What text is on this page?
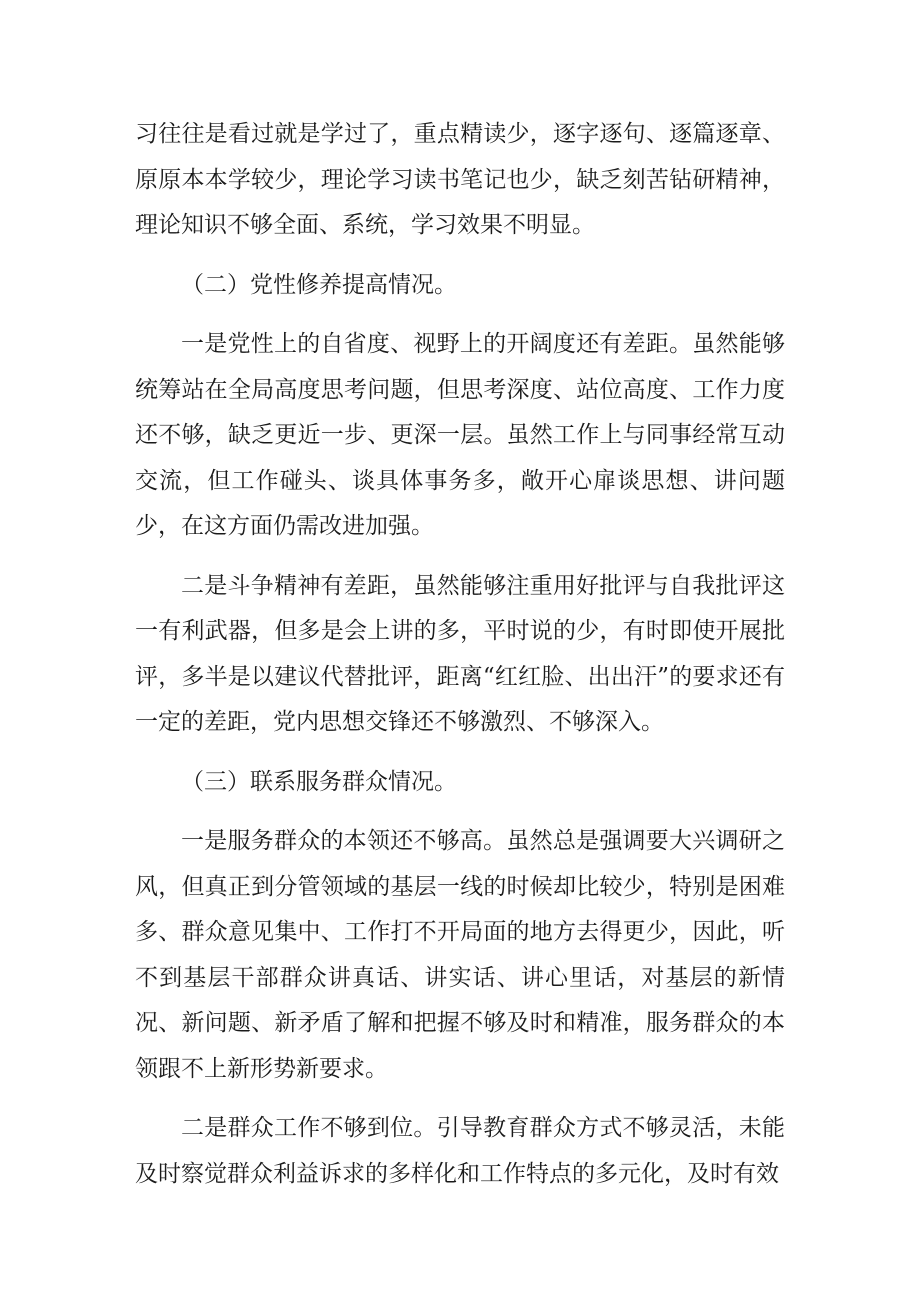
习往往是看过就是学过了，重点精读少，逐字逐句、逐篇逐章、原原本本学较少，理论学习读书笔记也少，缺乏刻苦钻研精神，理论知识不够全面、系统，学习效果不明显。

（二）党性修养提高情况。

一是党性上的自省度、视野上的开阔度还有差距。虽然能够统筹站在全局高度思考问题，但思考深度、站位高度、工作力度还不够，缺乏更近一步、更深一层。虽然工作上与同事经常互动交流，但工作碰头、谈具体事务多，敞开心扉谈思想、讲问题少，在这方面仍需改进加强。

二是斗争精神有差距，虽然能够注重用好批评与自我批评这一有利武器，但多是会上讲的多，平时说的少，有时即使开展批评，多半是以建议代替批评，距离“红红脸、出出汗”的要求还有一定的差距，党内思想交锋还不够激烈、不够深入。

（三）联系服务群众情况。

一是服务群众的本领还不够高。虽然总是强调要大兴调研之风，但真正到分管领域的基层一线的时候却比较少，特别是困难多、群众意见集中、工作打不开局面的地方去得更少，因此，听不到基层干部群众讲真话、讲实话、讲心里话，对基层的新情况、新问题、新矛盾了解和把握不够及时和精准，服务群众的本领跟不上新形势新要求。

二是群众工作不够到位。引导教育群众方式不够灵活，未能及时察觉群众利益诉求的多样化和工作特点的多元化，及时有效
